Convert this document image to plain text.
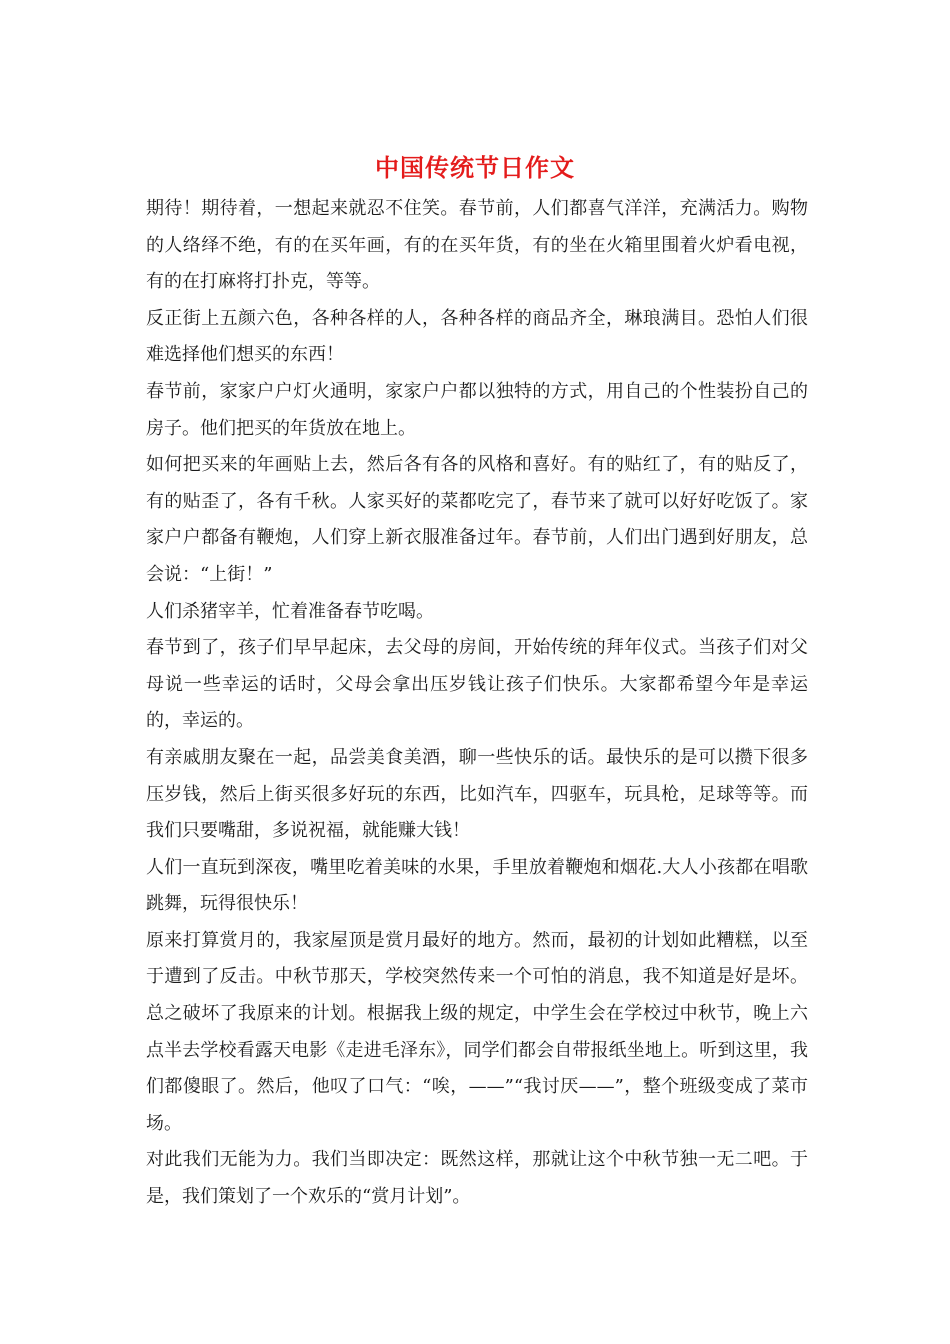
中国传统节日作文

期待！期待着，一想起来就忍不住笑。春节前，人们都喜气洋洋，充满活力。购物的人络绎不绝，有的在买年画，有的在买年货，有的坐在火箱里围着火炉看电视，有的在打麻将打扑克，等等。

反正街上五颜六色，各种各样的人，各种各样的商品齐全，琳琅满目。恐怕人们很难选择他们想买的东西！

春节前，家家户户灯火通明，家家户户都以独特的方式，用自己的个性装扮自己的房子。他们把买的年货放在地上。

如何把买来的年画贴上去，然后各有各的风格和喜好。有的贴红了，有的贴反了，有的贴歪了，各有千秋。人家买好的菜都吃完了，春节来了就可以好好吃饭了。家家户户都备有鞭炮，人们穿上新衣服准备过年。春节前，人们出门遇到好朋友，总会说：“上街！”

人们杀猪宰羊，忙着准备春节吃喝。

春节到了，孩子们早早起床，去父母的房间，开始传统的拜年仪式。当孩子们对父母说一些幸运的话时，父母会拿出压岁钱让孩子们快乐。大家都希望今年是幸运的，幸运的。

有亲戚朋友聚在一起，品尝美食美酒，聊一些快乐的话。最快乐的是可以攒下很多压岁钱，然后上街买很多好玩的东西，比如汽车，四驱车，玩具枪，足球等等。而我们只要嘴甜，多说祝福，就能赚大钱！

人们一直玩到深夜，嘴里吃着美味的水果，手里放着鞭炮和烟花.大人小孩都在唱歌跳舞，玩得很快乐！

原来打算赏月的，我家屋顶是赏月最好的地方。然而，最初的计划如此糟糕，以至于遭到了反击。中秋节那天，学校突然传来一个可怕的消息，我不知道是好是坏。总之破坏了我原来的计划。根据我上级的规定，中学生会在学校过中秋节，晚上六点半去学校看露天电影《走进毛泽东》，同学们都会自带报纸坐地上。听到这里，我们都傻眼了。然后，他叹了口气：“唉，——”“我讨厌——”，整个班级变成了菜市场。

对此我们无能为力。我们当即决定：既然这样，那就让这个中秋节独一无二吧。于是，我们策划了一个欢乐的“赏月计划”。
